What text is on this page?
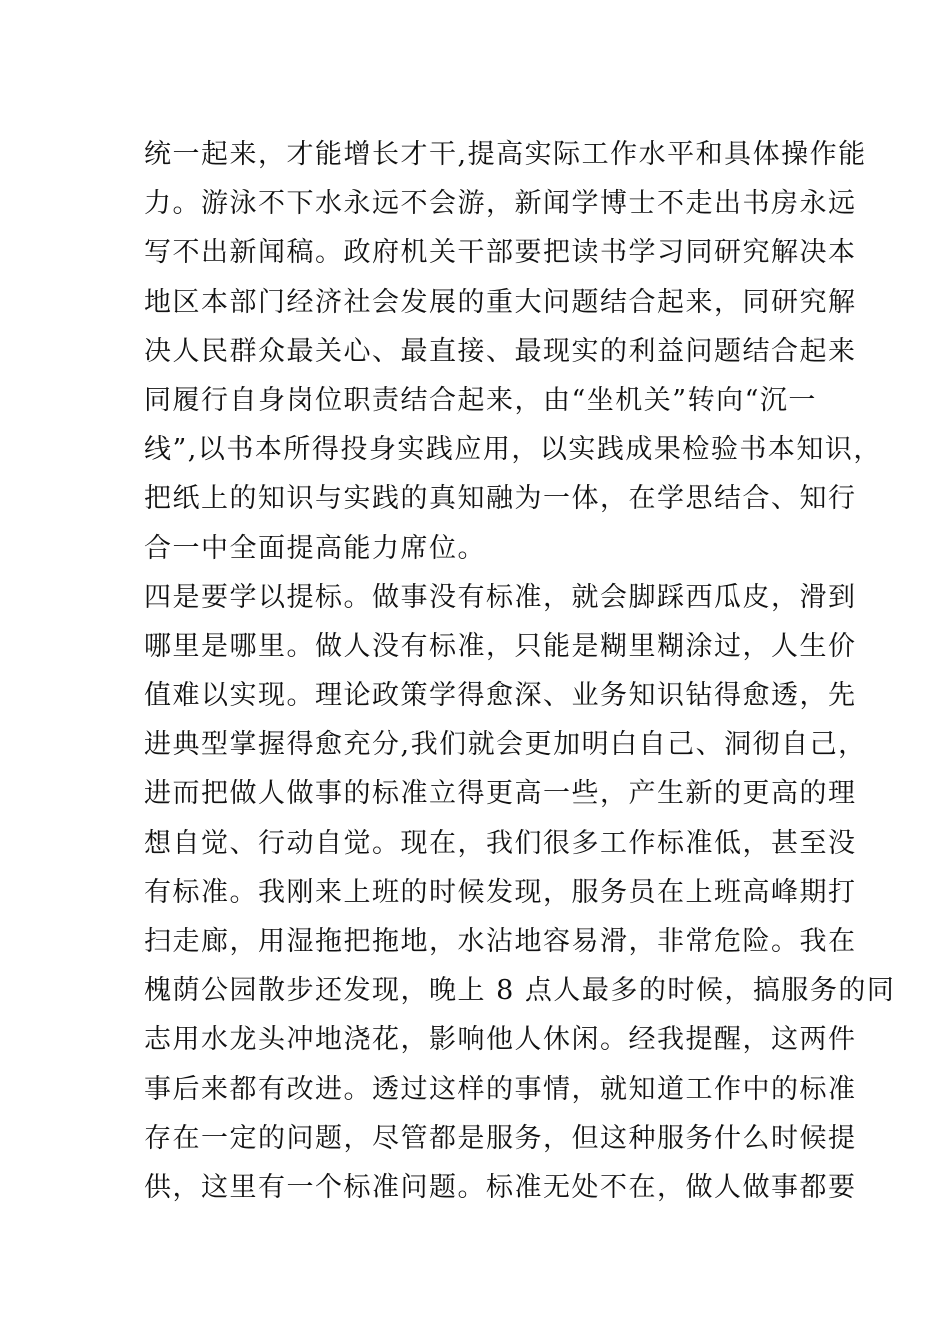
统一起来，才能增长才干,提高实际工作水平和具体操作能
力。游泳不下水永远不会游，新闻学博士不走出书房永远
写不出新闻稿。政府机关干部要把读书学习同研究解决本
地区本部门经济社会发展的重大问题结合起来，同研究解
决人民群众最关心、最直接、最现实的利益问题结合起来
同履行自身岗位职责结合起来，由“坐机关”转向“沉一
线”,以书本所得投身实践应用，以实践成果检验书本知识，
把纸上的知识与实践的真知融为一体，在学思结合、知行
合一中全面提高能力席位。
四是要学以提标。做事没有标准，就会脚踩西瓜皮，滑到
哪里是哪里。做人没有标准，只能是糊里糊涂过，人生价
值难以实现。理论政策学得愈深、业务知识钻得愈透，先
进典型掌握得愈充分,我们就会更加明白自己、洞彻自己，
进而把做人做事的标准立得更高一些，产生新的更高的理
想自觉、行动自觉。现在，我们很多工作标准低，甚至没
有标准。我刚来上班的时候发现，服务员在上班高峰期打
扫走廊，用湿拖把拖地，水沾地容易滑，非常危险。我在
槐荫公园散步还发现，晚上 8 点人最多的时候，搞服务的同
志用水龙头冲地浇花，影响他人休闲。经我提醒，这两件
事后来都有改进。透过这样的事情，就知道工作中的标准
存在一定的问题，尽管都是服务，但这种服务什么时候提
供，这里有一个标准问题。标准无处不在，做人做事都要
